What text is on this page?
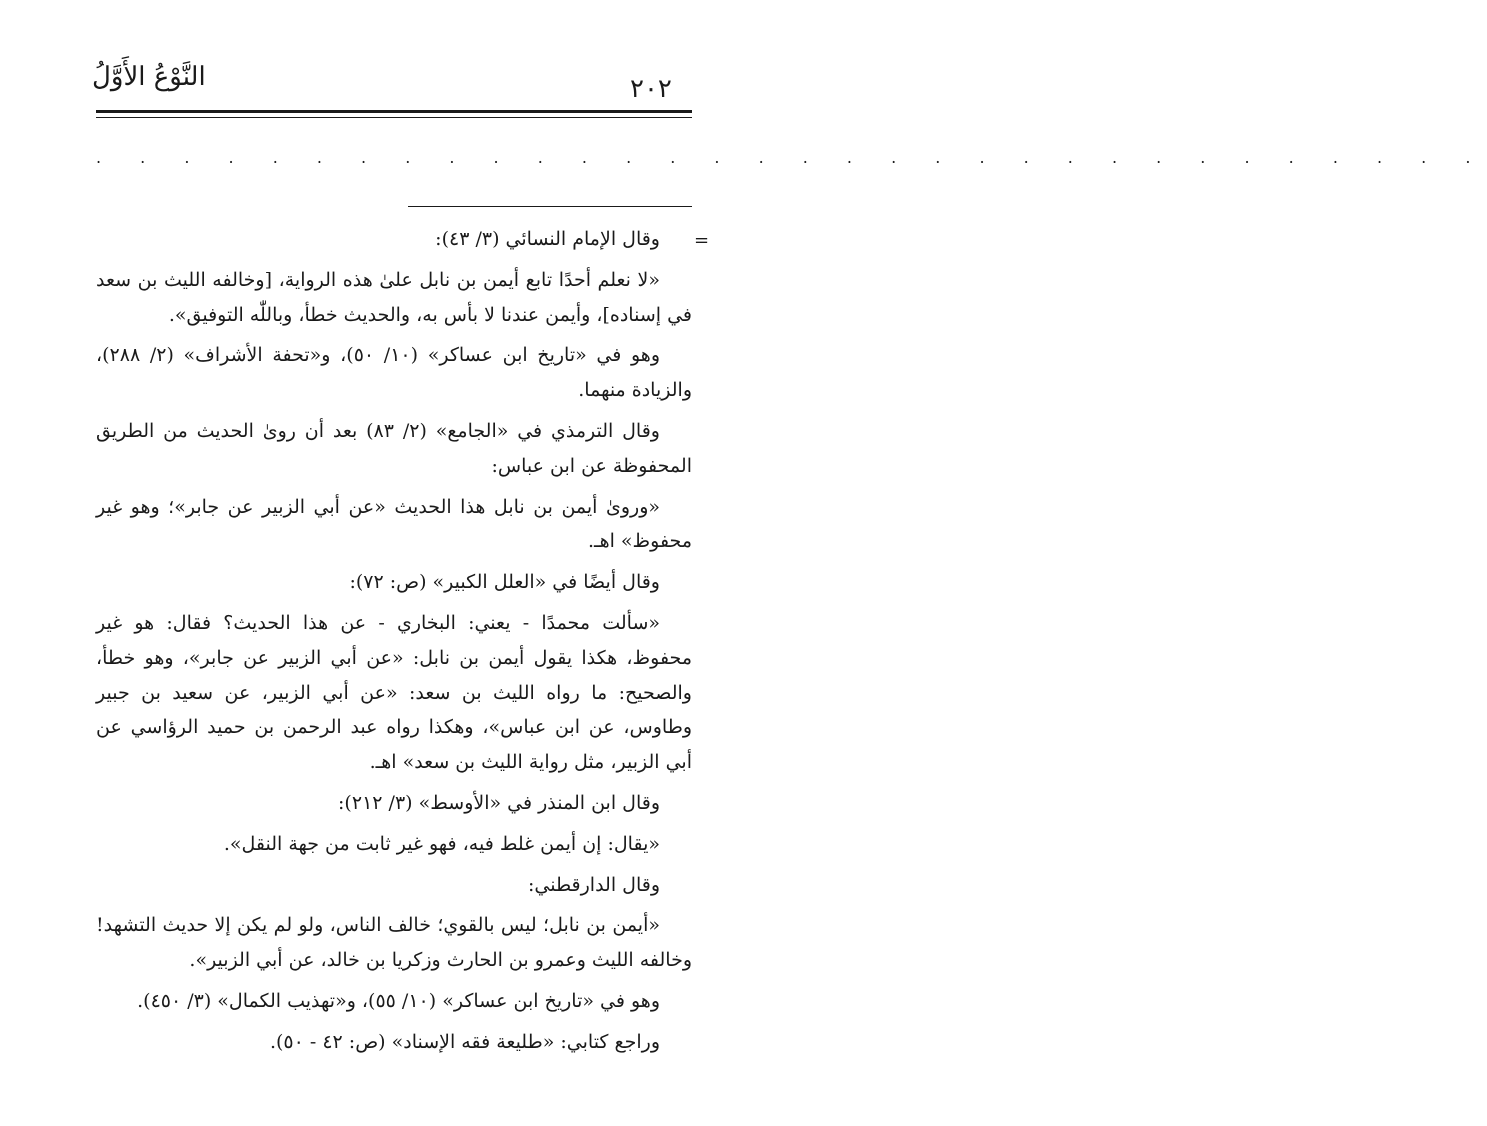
٢٠٢
النَّوْعُ الأَوَّلُ
. . . . . . . . . . . . . . . . . . . . . . . . . . . . . . . .
=

وقال الإمام النسائي (٣/ ٤٣):

«لا نعلم أحدًا تابع أيمن بن نابل علىٰ هذه الرواية، [وخالفه الليث بن سعد في إسناده]، وأيمن عندنا لا بأس به، والحديث خطأ، وباللّٰه التوفيق».

وهو في «تاريخ ابن عساكر» (١٠/ ٥٠)، و«تحفة الأشراف» (٢/ ٢٨٨)، والزيادة منهما.

وقال الترمذي في «الجامع» (٢/ ٨٣) بعد أن روىٰ الحديث من الطريق المحفوظة عن ابن عباس:

«وروىٰ أيمن بن نابل هذا الحديث «عن أبي الزبير عن جابر»؛ وهو غير محفوظ» اهـ.

وقال أيضًا في «العلل الكبير» (ص: ٧٢):

«سألت محمدًا - يعني: البخاري - عن هذا الحديث؟ فقال: هو غير محفوظ، هكذا يقول أيمن بن نابل: «عن أبي الزبير عن جابر»، وهو خطأ، والصحيح: ما رواه الليث بن سعد: «عن أبي الزبير، عن سعيد بن جبير وطاوس، عن ابن عباس»، وهكذا رواه عبد الرحمن بن حميد الرؤاسي عن أبي الزبير، مثل رواية الليث بن سعد» اهـ.

وقال ابن المنذر في «الأوسط» (٣/ ٢١٢):

«يقال: إن أيمن غلط فيه، فهو غير ثابت من جهة النقل».

وقال الدارقطني:

«أيمن بن نابل؛ ليس بالقوي؛ خالف الناس، ولو لم يكن إلا حديث التشهد! وخالفه الليث وعمرو بن الحارث وزكريا بن خالد، عن أبي الزبير».

وهو في «تاريخ ابن عساكر» (١٠/ ٥٥)، و«تهذيب الكمال» (٣/ ٤٥٠).

وراجع كتابي: «طليعة فقه الإسناد» (ص: ٤٢ - ٥٠).
